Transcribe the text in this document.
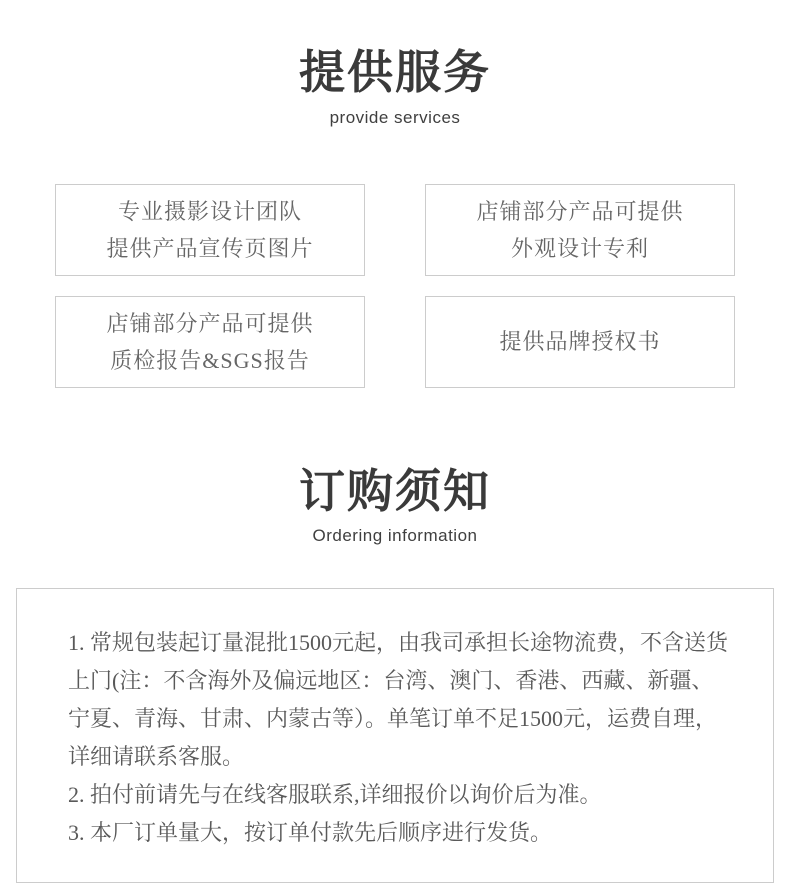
提供服务
provide services
专业摄影设计团队
提供产品宣传页图片
店铺部分产品可提供
外观设计专利
店铺部分产品可提供
质检报告&SGS报告
提供品牌授权书
订购须知
Ordering information
1. 常规包装起订量混批1500元起，由我司承担长途物流费，不含送货上门(注：不含海外及偏远地区：台湾、澳门、香港、西藏、新疆、宁夏、青海、甘肃、内蒙古等）。单笔订单不足1500元，运费自理，详细请联系客服。
2. 拍付前请先与在线客服联系,详细报价以询价后为准。
3. 本厂订单量大，按订单付款先后顺序进行发货。
